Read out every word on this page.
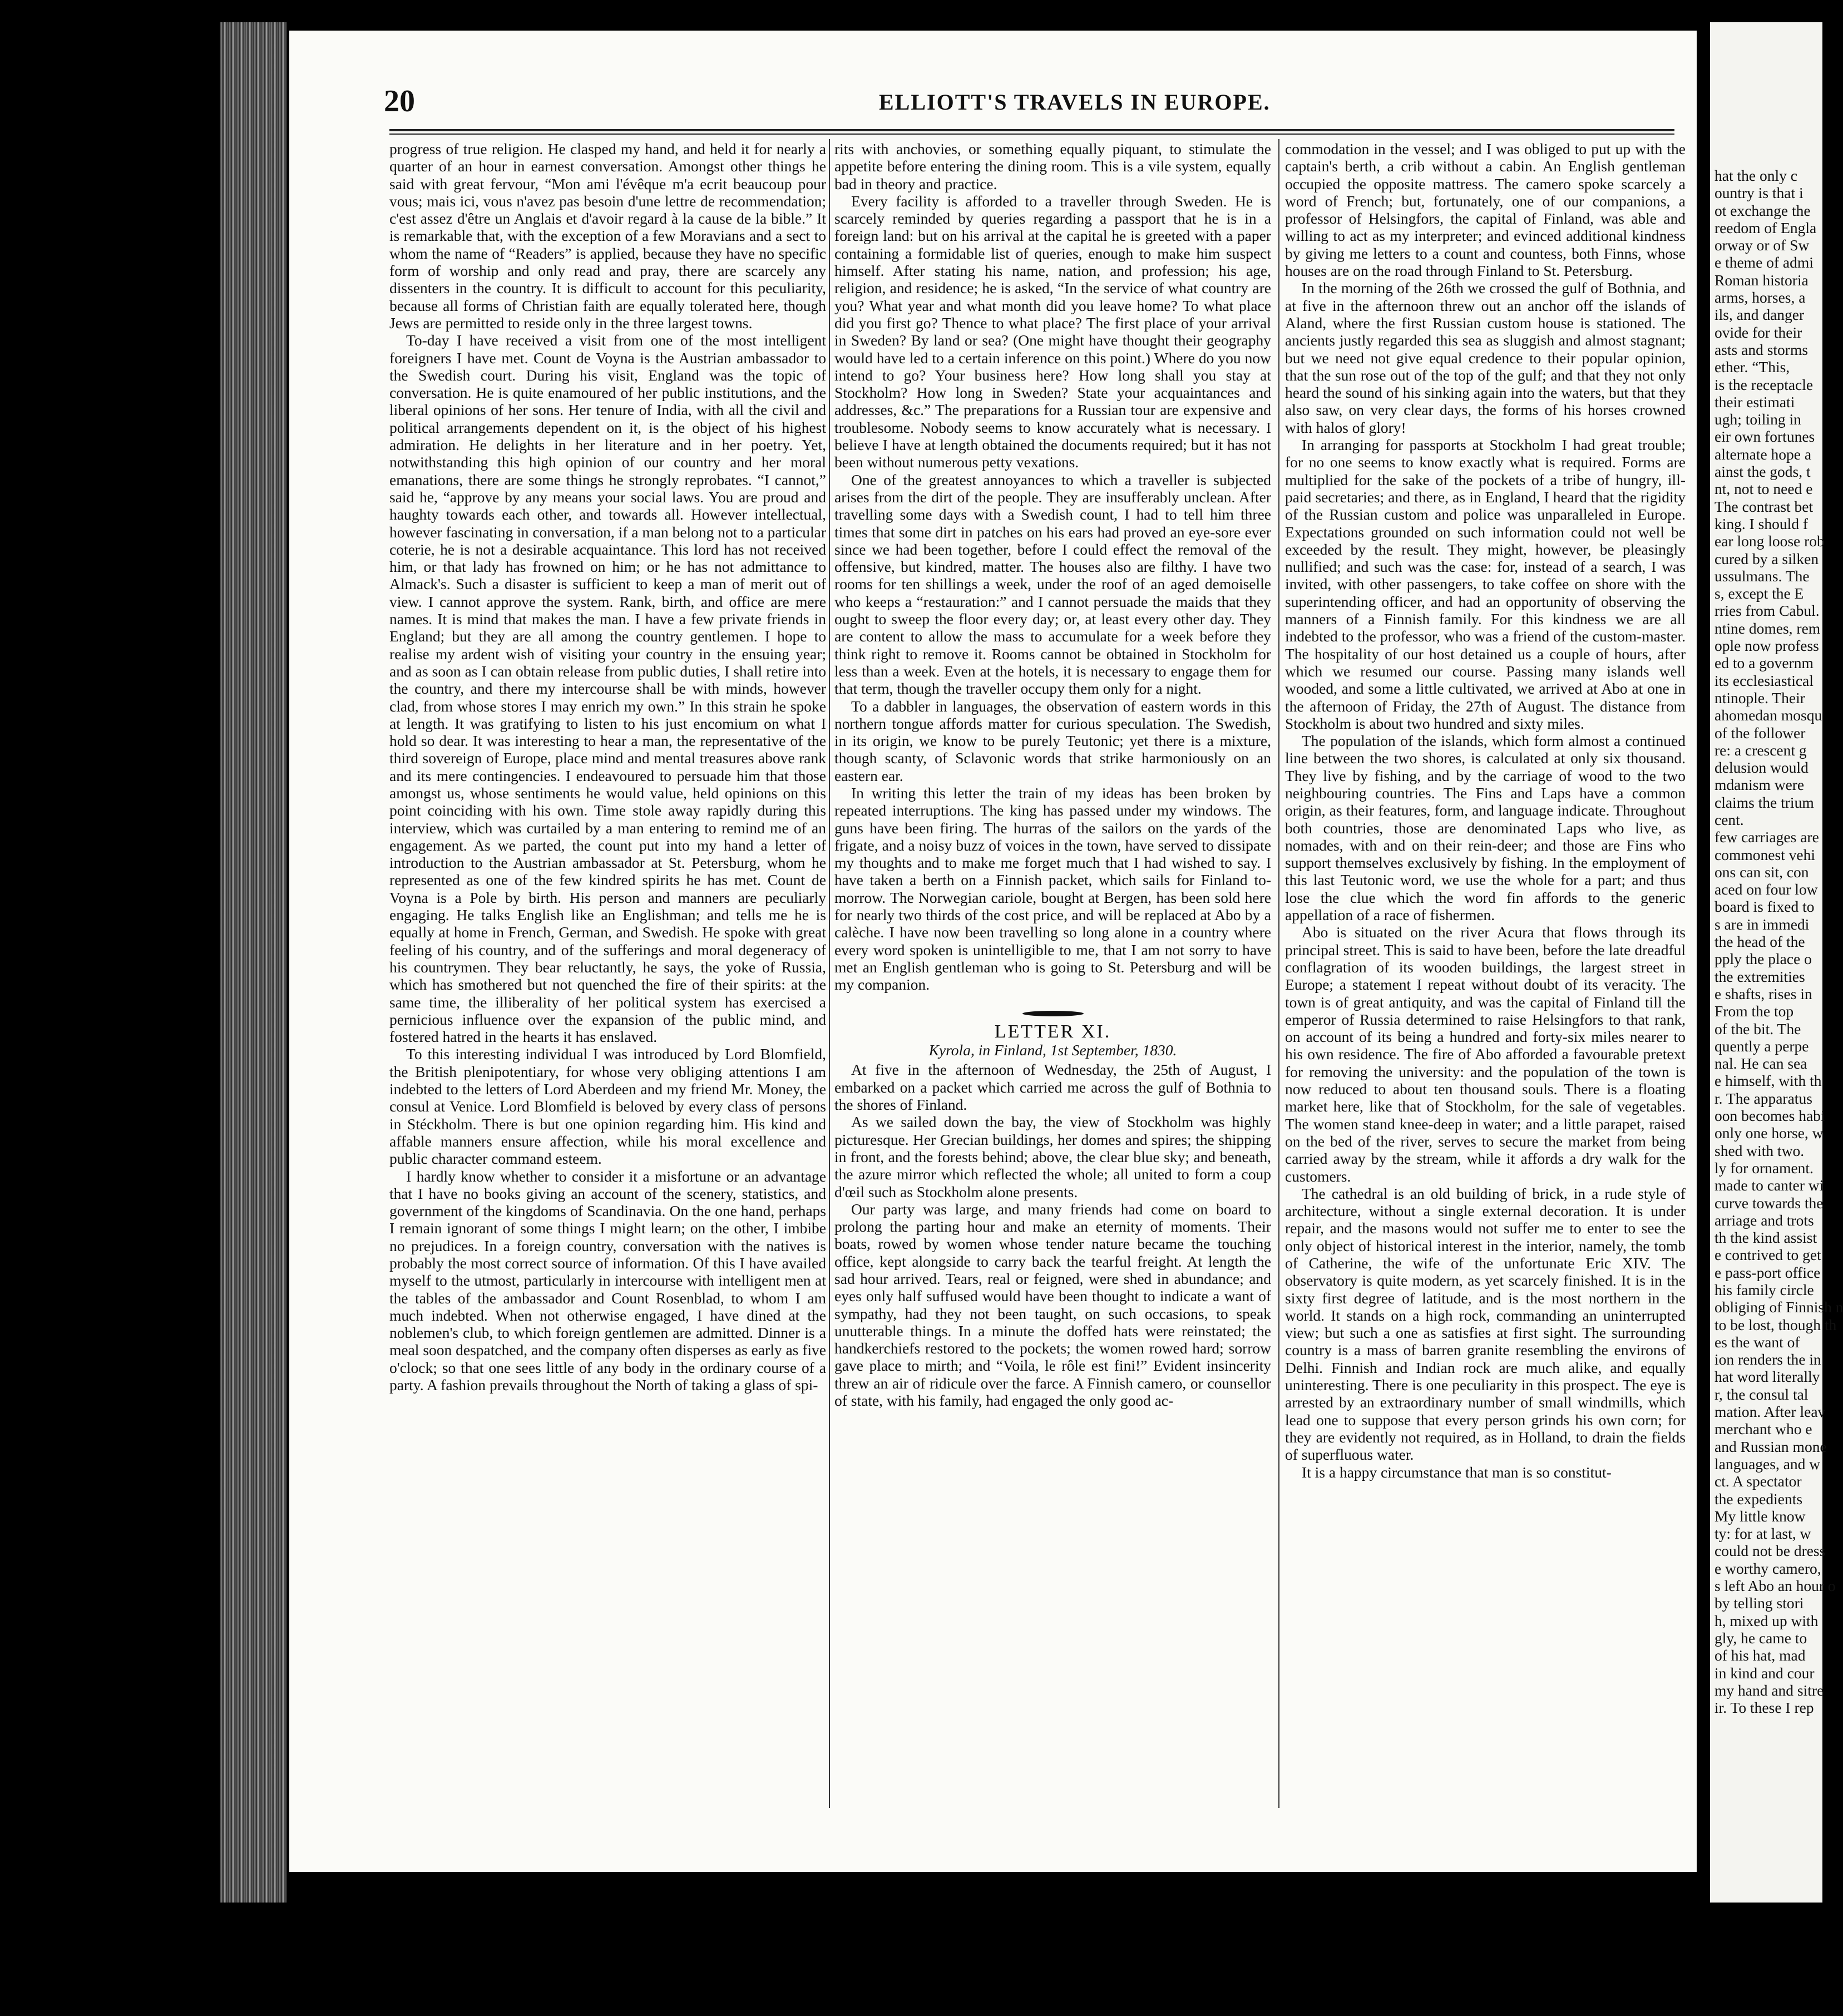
20	ELLIOTT'S TRAVELS IN EUROPE.

progress of true religion. He clasped my hand, and held it for nearly a quarter of an hour in earnest conversation. Amongst other things he said with great fervour, “Mon ami l'évêque m'a ecrit beaucoup pour vous; mais ici, vous n'avez pas besoin d'une lettre de recommendation; c'est assez d'être un Anglais et d'avoir regard à la cause de la bible.” It is remarkable that, with the exception of a few Moravians and a sect to whom the name of “Readers” is applied, because they have no specific form of worship and only read and pray, there are scarcely any dissenters in the country. It is difficult to account for this peculiarity, because all forms of Christian faith are equally tolerated here, though Jews are permitted to reside only in the three largest towns.

To-day I have received a visit from one of the most intelligent foreigners I have met. Count de Voyna is the Austrian ambassador to the Swedish court. During his visit, England was the topic of conversation. He is quite enamoured of her public institutions, and the liberal opinions of her sons. Her tenure of India, with all the civil and political arrangements dependent on it, is the object of his highest admiration. He delights in her literature and in her poetry. Yet, notwithstanding this high opinion of our country and her moral emanations, there are some things he strongly reprobates. “I cannot,” said he, “approve by any means your social laws. You are proud and haughty towards each other, and towards all. However intellectual, however fascinating in conversation, if a man belong not to a particular coterie, he is not a desirable acquaintance. This lord has not received him, or that lady has frowned on him; or he has not admittance to Almack's. Such a disaster is sufficient to keep a man of merit out of view. I cannot approve the system. Rank, birth, and office are mere names. It is mind that makes the man. I have a few private friends in England; but they are all among the country gentlemen. I hope to realise my ardent wish of visiting your country in the ensuing year; and as soon as I can obtain release from public duties, I shall retire into the country, and there my intercourse shall be with minds, however clad, from whose stores I may enrich my own.” In this strain he spoke at length. It was gratifying to listen to his just encomium on what I hold so dear. It was interesting to hear a man, the representative of the third sovereign of Europe, place mind and mental treasures above rank and its mere contingencies. I endeavoured to persuade him that those amongst us, whose sentiments he would value, held opinions on this point coinciding with his own. Time stole away rapidly during this interview, which was curtailed by a man entering to remind me of an engagement. As we parted, the count put into my hand a letter of introduction to the Austrian ambassador at St. Petersburg, whom he represented as one of the few kindred spirits he has met. Count de Voyna is a Pole by birth. His person and manners are peculiarly engaging. He talks English like an Englishman; and tells me he is equally at home in French, German, and Swedish. He spoke with great feeling of his country, and of the sufferings and moral degeneracy of his countrymen. They bear reluctantly, he says, the yoke of Russia, which has smothered but not quenched the fire of their spirits: at the same time, the illiberality of her political system has exercised a pernicious influence over the expansion of the public mind, and fostered hatred in the hearts it has enslaved.

To this interesting individual I was introduced by Lord Blomfield, the British plenipotentiary, for whose very obliging attentions I am indebted to the letters of Lord Aberdeen and my friend Mr. Money, the consul at Venice. Lord Blomfield is beloved by every class of persons in Stéckholm. There is but one opinion regarding him. His kind and affable manners ensure affection, while his moral excellence and public character command esteem.

I hardly know whether to consider it a misfortune or an advantage that I have no books giving an account of the scenery, statistics, and government of the kingdoms of Scandinavia. On the one hand, perhaps I remain ignorant of some things I might learn; on the other, I imbibe no prejudices. In a foreign country, conversation with the natives is probably the most correct source of information. Of this I have availed myself to the utmost, particularly in intercourse with intelligent men at the tables of the ambassador and Count Rosenblad, to whom I am much indebted. When not otherwise engaged, I have dined at the noblemen's club, to which foreign gentlemen are admitted. Dinner is a meal soon despatched, and the company often disperses as early as five o'clock; so that one sees little of any body in the ordinary course of a party. A fashion prevails throughout the North of taking a glass of spi-

rits with anchovies, or something equally piquant, to stimulate the appetite before entering the dining room. This is a vile system, equally bad in theory and practice.

Every facility is afforded to a traveller through Sweden. He is scarcely reminded by queries regarding a passport that he is in a foreign land: but on his arrival at the capital he is greeted with a paper containing a formidable list of queries, enough to make him suspect himself. After stating his name, nation, and profession; his age, religion, and residence; he is asked, “In the service of what country are you? What year and what month did you leave home? To what place did you first go? Thence to what place? The first place of your arrival in Sweden? By land or sea? (One might have thought their geography would have led to a certain inference on this point.) Where do you now intend to go? Your business here? How long shall you stay at Stockholm? How long in Sweden? State your acquaintances and addresses, &c.” The preparations for a Russian tour are expensive and troublesome. Nobody seems to know accurately what is necessary. I believe I have at length obtained the documents required; but it has not been without numerous petty vexations.

One of the greatest annoyances to which a traveller is subjected arises from the dirt of the people. They are insufferably unclean. After travelling some days with a Swedish count, I had to tell him three times that some dirt in patches on his ears had proved an eye-sore ever since we had been together, before I could effect the removal of the offensive, but kindred, matter. The houses also are filthy. I have two rooms for ten shillings a week, under the roof of an aged demoiselle who keeps a “restauration:” and I cannot persuade the maids that they ought to sweep the floor every day; or, at least every other day. They are content to allow the mass to accumulate for a week before they think right to remove it. Rooms cannot be obtained in Stockholm for less than a week. Even at the hotels, it is necessary to engage them for that term, though the traveller occupy them only for a night.

To a dabbler in languages, the observation of eastern words in this northern tongue affords matter for curious speculation. The Swedish, in its origin, we know to be purely Teutonic; yet there is a mixture, though scanty, of Sclavonic words that strike harmoniously on an eastern ear.

In writing this letter the train of my ideas has been broken by repeated interruptions. The king has passed under my windows. The guns have been firing. The hurras of the sailors on the yards of the frigate, and a noisy buzz of voices in the town, have served to dissipate my thoughts and to make me forget much that I had wished to say. I have taken a berth on a Finnish packet, which sails for Finland to-morrow. The Norwegian cariole, bought at Bergen, has been sold here for nearly two thirds of the cost price, and will be replaced at Abo by a calèche. I have now been travelling so long alone in a country where every word spoken is unintelligible to me, that I am not sorry to have met an English gentleman who is going to St. Petersburg and will be my companion.

LETTER XI.

Kyrola, in Finland, 1st September, 1830.

At five in the afternoon of Wednesday, the 25th of August, I embarked on a packet which carried me across the gulf of Bothnia to the shores of Finland.

As we sailed down the bay, the view of Stockholm was highly picturesque. Her Grecian buildings, her domes and spires; the shipping in front, and the forests behind; above, the clear blue sky; and beneath, the azure mirror which reflected the whole; all united to form a coup d'œil such as Stockholm alone presents.

Our party was large, and many friends had come on board to prolong the parting hour and make an eternity of moments. Their boats, rowed by women whose tender nature became the touching office, kept alongside to carry back the tearful freight. At length the sad hour arrived. Tears, real or feigned, were shed in abundance; and eyes only half suffused would have been thought to indicate a want of sympathy, had they not been taught, on such occasions, to speak unutterable things. In a minute the doffed hats were reinstated; the handkerchiefs restored to the pockets; the women rowed hard; sorrow gave place to mirth; and “Voila, le rôle est fini!” Evident insincerity threw an air of ridicule over the farce. A Finnish camero, or counsellor of state, with his family, had engaged the only good ac-

commodation in the vessel; and I was obliged to put up with the captain's berth, a crib without a cabin. An English gentleman occupied the opposite mattress. The camero spoke scarcely a word of French; but, fortunately, one of our companions, a professor of Helsingfors, the capital of Finland, was able and willing to act as my interpreter; and evinced additional kindness by giving me letters to a count and countess, both Finns, whose houses are on the road through Finland to St. Petersburg.

In the morning of the 26th we crossed the gulf of Bothnia, and at five in the afternoon threw out an anchor off the islands of Aland, where the first Russian custom house is stationed. The ancients justly regarded this sea as sluggish and almost stagnant; but we need not give equal credence to their popular opinion, that the sun rose out of the top of the gulf; and that they not only heard the sound of his sinking again into the waters, but that they also saw, on very clear days, the forms of his horses crowned with halos of glory!

In arranging for passports at Stockholm I had great trouble; for no one seems to know exactly what is required. Forms are multiplied for the sake of the pockets of a tribe of hungry, ill-paid secretaries; and there, as in England, I heard that the rigidity of the Russian custom and police was unparalleled in Europe. Expectations grounded on such information could not well be exceeded by the result. They might, however, be pleasingly nullified; and such was the case: for, instead of a search, I was invited, with other passengers, to take coffee on shore with the superintending officer, and had an opportunity of observing the manners of a Finnish family. For this kindness we are all indebted to the professor, who was a friend of the custom-master. The hospitality of our host detained us a couple of hours, after which we resumed our course. Passing many islands well wooded, and some a little cultivated, we arrived at Abo at one in the afternoon of Friday, the 27th of August. The distance from Stockholm is about two hundred and sixty miles.

The population of the islands, which form almost a continued line between the two shores, is calculated at only six thousand. They live by fishing, and by the carriage of wood to the two neighbouring countries. The Fins and Laps have a common origin, as their features, form, and language indicate. Throughout both countries, those are denominated Laps who live, as nomades, with and on their rein-deer; and those are Fins who support themselves exclusively by fishing. In the employment of this last Teutonic word, we use the whole for a part; and thus lose the clue which the word fin affords to the generic appellation of a race of fishermen.

Abo is situated on the river Acura that flows through its principal street. This is said to have been, before the late dreadful conflagration of its wooden buildings, the largest street in Europe; a statement I repeat without doubt of its veracity. The town is of great antiquity, and was the capital of Finland till the emperor of Russia determined to raise Helsingfors to that rank, on account of its being a hundred and forty-six miles nearer to his own residence. The fire of Abo afforded a favourable pretext for removing the university: and the population of the town is now reduced to about ten thousand souls. There is a floating market here, like that of Stockholm, for the sale of vegetables. The women stand knee-deep in water; and a little parapet, raised on the bed of the river, serves to secure the market from being carried away by the stream, while it affords a dry walk for the customers.

The cathedral is an old building of brick, in a rude style of architecture, without a single external decoration. It is under repair, and the masons would not suffer me to enter to see the only object of historical interest in the interior, namely, the tomb of Catherine, the wife of the unfortunate Eric XIV. The observatory is quite modern, as yet scarcely finished. It is in the sixty first degree of latitude, and is the most northern in the world. It stands on a high rock, commanding an uninterrupted view; but such a one as satisfies at first sight. The surrounding country is a mass of barren granite resembling the environs of Delhi. Finnish and Indian rock are much alike, and equally uninteresting. There is one peculiarity in this prospect. The eye is arrested by an extraordinary number of small windmills, which lead one to suppose that every person grinds his own corn; for they are evidently not required, as in Holland, to drain the fields of superfluous water.

It is a happy circumstance that man is so constitut-

hat the only c
ountry is that i
ot exchange the
reedom of Engla
orway or of Sw
e theme of admi
Roman historia
arms, horses, a
ils, and danger
ovide for their
asts and storms
ether. “This,
is the receptacle
their estimati
ugh; toiling in
eir own fortunes
alternate hope a
ainst the gods, t
nt, not to need e
The contrast bet
king. I should f
ear long loose rob
cured by a silken
ussulmans. The
s, except the E
rries from Cabul.
ntine domes, rem
ople now profess
ed to a governm
its ecclesiastical
ntinople. Their
ahomedan mosqu
of the follower
re: a crescent g
delusion would
mdanism were
claims the trium
cent.
few carriages are
commonest vehi
ons can sit, con
aced on four low
board is fixed to
s are in immedi
the head of the
pply the place o
the extremities
e shafts, rises in
From the top
of the bit. The
quently a perpe
nal. He can sea
e himself, with th
r. The apparatus
oon becomes habi
only one horse, w
shed with two.
ly for ornament.
made to canter wi
curve towards the
arriage and trots
th the kind assist
e contrived to get
e pass-port office
his family circle
obliging of Finnish n
to be lost, though th
es the want of
ion renders the in
hat word literally
r, the consul tal
mation. After leav
merchant who e
and Russian mone
languages, and w
ct. A spectator
the expedients
My little know
ty: for at last, w
could not be dress
e worthy camero,
s left Abo an hour o
by telling stori
h, mixed up with
gly, he came to
of his hat, mad
in kind and cour
my hand and sitre
ir. To these I rep
